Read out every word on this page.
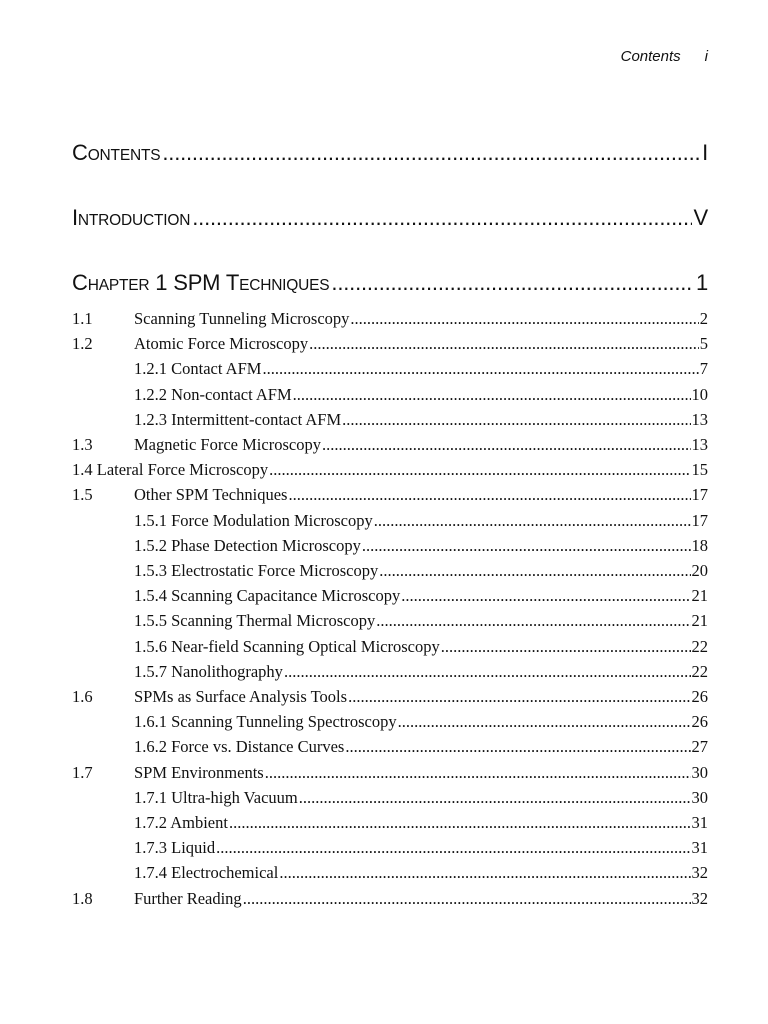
Contents i
CONTENTS .....	I
INTRODUCTION .....	V
CHAPTER 1 SPM TECHNIQUES .....	1
1.1	Scanning Tunneling Microscopy .....	2
1.2	Atomic Force Microscopy .....	5
1.2.1 Contact AFM .....	7
1.2.2 Non-contact AFM .....	10
1.2.3 Intermittent-contact AFM .....	13
1.3	Magnetic Force Microscopy .....	13
1.4 Lateral Force Microscopy .....	15
1.5	Other SPM Techniques .....	17
1.5.1 Force Modulation Microscopy .....	17
1.5.2 Phase Detection Microscopy .....	18
1.5.3 Electrostatic Force Microscopy .....	20
1.5.4 Scanning Capacitance Microscopy .....	21
1.5.5 Scanning Thermal Microscopy .....	21
1.5.6 Near-field Scanning Optical Microscopy .....	22
1.5.7 Nanolithography .....	22
1.6	SPMs as Surface Analysis Tools .....	26
1.6.1 Scanning Tunneling Spectroscopy .....	26
1.6.2 Force vs. Distance Curves .....	27
1.7	SPM Environments .....	30
1.7.1 Ultra-high Vacuum .....	30
1.7.2 Ambient .....	31
1.7.3 Liquid .....	31
1.7.4 Electrochemical .....	32
1.8	Further Reading .....	32
